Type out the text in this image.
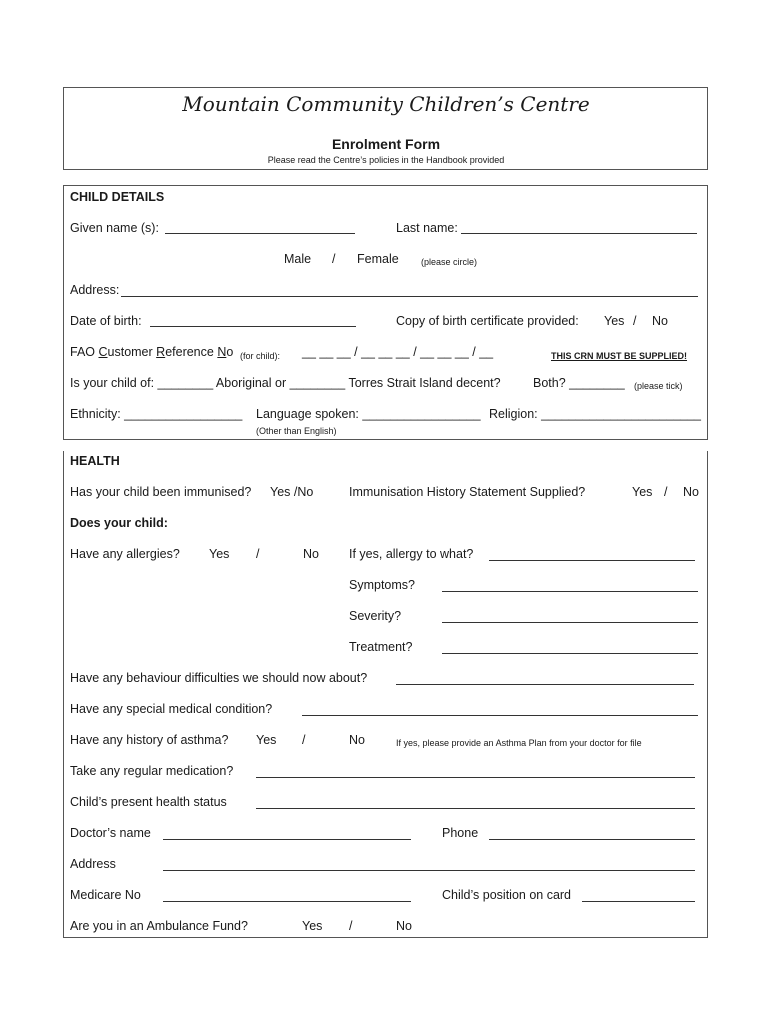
Mountain Community Children’s Centre
Enrolment Form
Please read the Centre’s policies in the Handbook provided
CHILD DETAILS
Given name (s):	Last name:
Male / Female (please circle)
Address:
Date of birth:	Copy of birth certificate provided: Yes / No
FAO Customer Reference No (for child): __ __ __ / __ __ __ / __ __ __ / __	THIS CRN MUST BE SUPPLIED!
Is your child of: ________ Aboriginal or ________ Torres Strait Island decent?	Both? ________ (please tick)
Ethnicity: _________________ Language spoken: _________________
(Other than English)
Religion: _______________________
HEALTH
Has your child been immunised? Yes /No	Immunisation History Statement Supplied?	Yes / No
Does your child:
Have any allergies? Yes /	No If yes, allergy to what?
Symptoms?
Severity?
Treatment?
Have any behaviour difficulties we should now about?
Have any special medical condition?
Have any history of asthma? Yes /	No	If yes, please provide an Asthma Plan from your doctor for file
Take any regular medication?
Child’s present health status
Doctor’s name	Phone
Address
Medicare No	Child’s position on card
Are you in an Ambulance Fund?	Yes /	No
